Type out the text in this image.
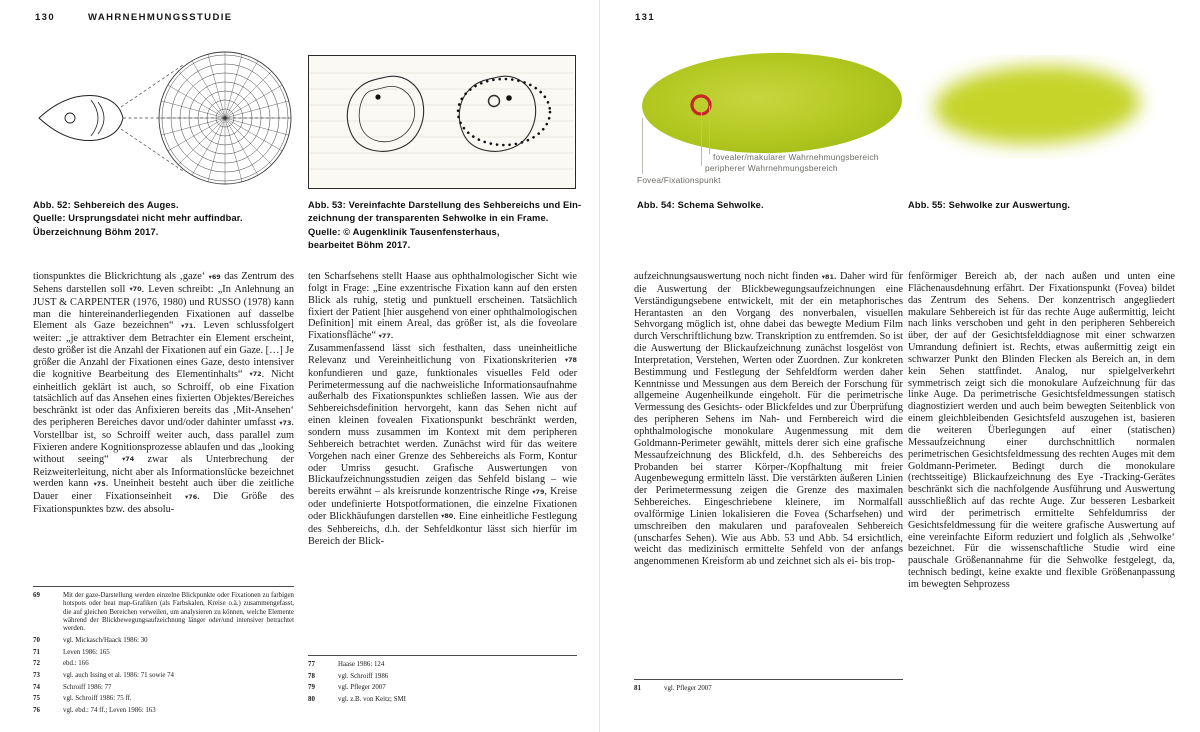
130	WAHRNEHMUNGSSTUDIE
Abb. 52: Sehbereich des Auges.
Quelle: Ursprungsdatei nicht mehr auffindbar.
Überzeichnung Böhm 2017.
Abb. 53: Vereinfachte Darstellung des Sehbereichs und Ein-
zeichnung der transparenten Sehwolke in ein Frame.
Quelle: © Augenklinik Tausenfensterhaus,
bearbeitet Böhm 2017.

tionspunktes die Blickrichtung als ‚gaze‘ ▾69 das Zentrum des Sehens darstellen soll ▾70. Leven schreibt: „In Anlehnung an JUST & CARPENTER (1976, 1980) und RUSSO (1978) kann man die hintereinanderliegenden Fixationen auf dasselbe Element als Gaze bezeichnen“ ▾71. Leven schlussfolgert weiter: „je attraktiver dem Betrachter ein Element erscheint, desto größer ist die Anzahl der Fixationen auf ein Gaze. […] Je größer die Anzahl der Fixationen eines Gaze, desto intensiver die kognitive Bearbeitung des Elementinhalts“ ▾72. Nicht einheitlich geklärt ist auch, so Schroiff, ob eine Fixation tatsächlich auf das Ansehen eines fixierten Objektes/Bereiches beschränkt ist oder das Anfixieren bereits das ‚Mit-Ansehen‘ des peripheren Bereiches davor und/oder dahinter umfasst ▾73. Vorstellbar ist, so Schroiff weiter auch, dass parallel zum Fixieren andere Kognitionsprozesse ablaufen und das „looking without seeing“ ▾74 zwar als Unterbrechung der Reizweiterleitung, nicht aber als Informationslücke bezeichnet werden kann ▾75. Uneinheit besteht auch über die zeitliche Dauer einer Fixationseinheit ▾76. Die Größe des Fixationspunktes bzw. des absolu-

ten Scharfsehens stellt Haase aus ophthalmologischer Sicht wie folgt in Frage: „Eine exzentrische Fixation kann auf den ersten Blick als ruhig, stetig und punktuell erscheinen. Tatsächlich fixiert der Patient [hier ausgehend von einer ophthalmologischen Definition] mit einem Areal, das größer ist, als die foveolare Fixationsfläche“ ▾77.

Zusammenfassend lässt sich festhalten, dass uneinheitliche Relevanz und Vereinheitlichung von Fixationskriterien ▾78 konfundieren und gaze, funktionales visuelles Feld oder Perimetermessung auf die nachweisliche Informationsaufnahme außerhalb des Fixationspunktes schließen lassen. Wie aus der Sehbereichsdefinition hervorgeht, kann das Sehen nicht auf einen kleinen fovealen Fixationspunkt beschränkt werden, sondern muss zusammen im Kontext mit dem peripheren Sehbereich betrachtet werden. Zunächst wird für das weitere Vorgehen nach einer Grenze des Sehbereichs als Form, Kontur oder Umriss gesucht. Grafische Auswertungen von Blickaufzeichnungsstudien zeigen das Sehfeld bislang – wie bereits erwähnt – als kreisrunde konzentrische Ringe ▾79, Kreise oder undefinierte Hotspotformationen, die einzelne Fixationen oder Blickhäufungen darstellen ▾80. Eine einheitliche Festlegung des Sehbereichs, d.h. der Sehfeldkontur lässt sich hierfür im Bereich der Blick-

69	Mit der gaze-Darstellung werden einzelne Blickpunkte oder Fixationen zu farbigen hotspots oder heat map-Grafiken (als Farbskalen, Kreise o.ä.) zusammengefasst, die auf gleichen Bereichen verweilen, um analysieren zu können, welche Elemente während der Blickbewegungsaufzeichnung länger oder/und intensiver betrachtet werden.
70	vgl. Mickasch/Haack 1986: 30
71	Leven 1986: 165
72	ebd.: 166
73	vgl. auch Issing et al. 1986: 71 sowie 74
74	Schroiff 1986: 77
75	vgl. Schroiff 1986: 75 ff.
76	vgl. ebd.: 74 ff.; Leven 1986: 163
77	Haase 1986: 124
78	vgl. Schroiff 1986
79	vgl. Pfleger 2007
80	vgl. z.B. von Keitz; SMI
131
fovealer/makularer Wahrnehmungsbereich
peripherer Wahrnehmungsbereich
Fovea/Fixationspunkt
Abb. 54: Schema Sehwolke.	Abb. 55: Sehwolke zur Auswertung.

aufzeichnungsauswertung noch nicht finden ▾81. Daher wird für die Auswertung der Blickbewegungsaufzeichnungen eine Verständigungsebene entwickelt, mit der ein metaphorisches Herantasten an den Vorgang des nonverbalen, visuellen Sehvorgang möglich ist, ohne dabei das bewegte Medium Film durch Verschriftlichung bzw. Transkription zu entfremden. So ist die Auswertung der Blickaufzeichnung zunächst losgelöst von Interpretation, Verstehen, Werten oder Zuordnen. Zur konkreten Bestimmung und Festlegung der Sehfeldform werden daher Kenntnisse und Messungen aus dem Bereich der Forschung für allgemeine Augenheilkunde eingeholt. Für die perimetrische Vermessung des Gesichts- oder Blickfeldes und zur Überprüfung des peripheren Sehens im Nah- und Fernbereich wird die ophthalmologische monokulare Augenmessung mit dem Goldmann-Perimeter gewählt, mittels derer sich eine grafische Messaufzeichnung des Blickfeld, d.h. des Sehbereichs des Probanden bei starrer Körper-/Kopfhaltung mit freier Augenbewegung ermitteln lässt. Die verstärkten äußeren Linien der Perimetermessung zeigen die Grenze des maximalen Sehbereiches. Eingeschriebene kleinere, im Normalfall ovalförmige Linien lokalisieren die Fovea (Scharfsehen) und umschreiben den makularen und parafovealen Sehbereich (unscharfes Sehen). Wie aus Abb. 53 und Abb. 54 ersichtlich, weicht das medizinisch ermittelte Sehfeld von der anfangs angenommenen Kreisform ab und zeichnet sich als ei- bis trop-

fenförmiger Bereich ab, der nach außen und unten eine Flächenausdehnung erfährt. Der Fixationspunkt (Fovea) bildet das Zentrum des Sehens. Der konzentrisch angegliedert makulare Sehbereich ist für das rechte Auge außermittig, leicht nach links verschoben und geht in den peripheren Sehbereich über, der auf der Gesichtsfelddiagnose mit einer schwarzen Umrandung definiert ist. Rechts, etwas außermittig zeigt ein schwarzer Punkt den Blinden Flecken als Bereich an, in dem kein Sehen stattfindet. Analog, nur spielgelverkehrt symmetrisch zeigt sich die monokulare Aufzeichnung für das linke Auge. Da perimetrische Gesichtsfeldmessungen statisch diagnostiziert werden und auch beim bewegten Seitenblick von einem gleichbleibenden Gesichtsfeld auszugehen ist, basieren die weiteren Überlegungen auf einer (statischen) Messaufzeichnung einer durchschnittlich normalen perimetrischen Gesichtsfeldmessung des rechten Auges mit dem Goldmann-Perimeter. Bedingt durch die monokulare (rechtsseitige) Blickaufzeichnung des Eye -Tracking-Gerätes beschränkt sich die nachfolgende Ausführung und Auswertung ausschließlich auf das rechte Auge. Zur besseren Lesbarkeit wird der perimetrisch ermittelte Sehfeldumriss der Gesichtsfeldmessung für die weitere grafische Auswertung auf eine vereinfachte Eiform reduziert und folglich als ‚Sehwolke‘ bezeichnet. Für die wissenschaftliche Studie wird eine pauschale Größenannahme für die Sehwolke festgelegt, da, technisch bedingt, keine exakte und flexible Größenanpassung im bewegten Sehprozess

81	vgl. Pfleger 2007
